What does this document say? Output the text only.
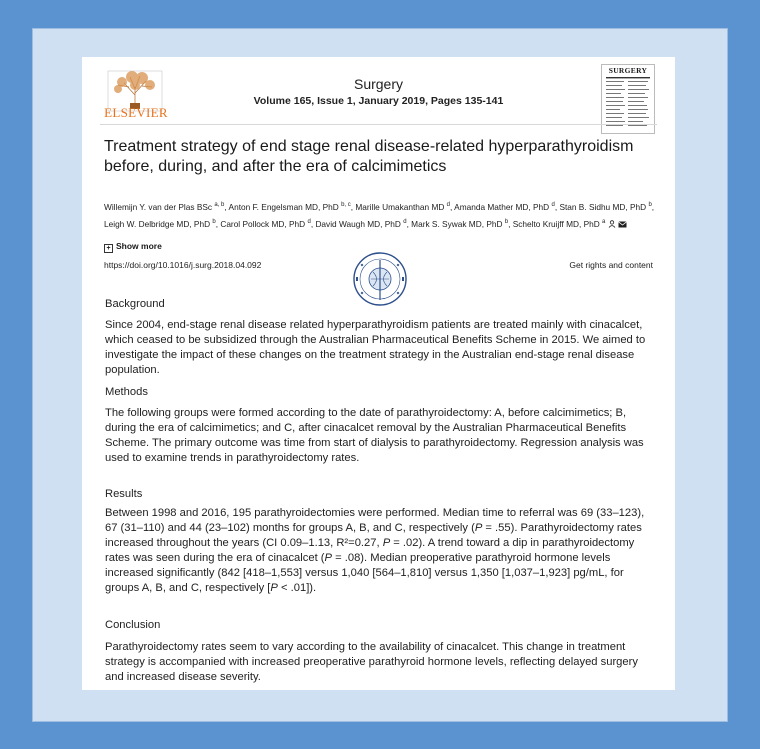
ELSEVIER
Surgery
Volume 165, Issue 1, January 2019, Pages 135-141
SURGERY
Treatment strategy of end stage renal disease-related hyperparathyroidism before, during, and after the era of calcimimetics
Willemijn Y. van der Plas BSc $^{a, b}$, Anton F. Engelsman MD, PhD $^{b, c}$, Marille Umakanthan MD $^d$, Amanda Mather MD, PhD $^d$, Stan B. Sidhu MD, PhD $^b$, Leigh W. Delbridge MD, PhD $^b$, Carol Pollock MD, PhD $^d$, David Waugh MD, PhD $^d$, Mark S. Sywak MD, PhD $^b$, Schelto Kruijff MD, PhD $^a$
+ Show more
https://doi.org/10.1016/j.surg.2018.04.092	Get rights and content
Background
Since 2004, end-stage renal disease related hyperparathyroidism patients are treated mainly with cinacalcet, which ceased to be subsidized through the Australian Pharmaceutical Benefits Scheme in 2015. We aimed to investigate the impact of these changes on the treatment strategy in the Australian end-stage renal disease population.
Methods
The following groups were formed according to the date of parathyroidectomy: A, before calcimimetics; B, during the era of calcimimetics; and C, after cinacalcet removal by the Australian Pharmaceutical Benefits Scheme. The primary outcome was time from start of dialysis to parathyroidectomy. Regression analysis was used to examine trends in parathyroidectomy rates.
Results
Between 1998 and 2016, 195 parathyroidectomies were performed. Median time to referral was 69 (33–123), 67 (31–110) and 44 (23–102) months for groups A, B, and C, respectively (P = .55). Parathyroidectomy rates increased throughout the years (CI 0.09–1.13, R²=0.27, P = .02). A trend toward a dip in parathyroidectomy rates was seen during the era of cinacalcet (P = .08). Median preoperative parathyroid hormone levels increased significantly (842 [418–1,553] versus 1,040 [564–1,810] versus 1,350 [1,037–1,923] pg/mL, for groups A, B, and C, respectively [P < .01]).
Conclusion
Parathyroidectomy rates seem to vary according to the availability of cinacalcet. This change in treatment strategy is accompanied with increased preoperative parathyroid hormone levels, reflecting delayed surgery and increased disease severity.
